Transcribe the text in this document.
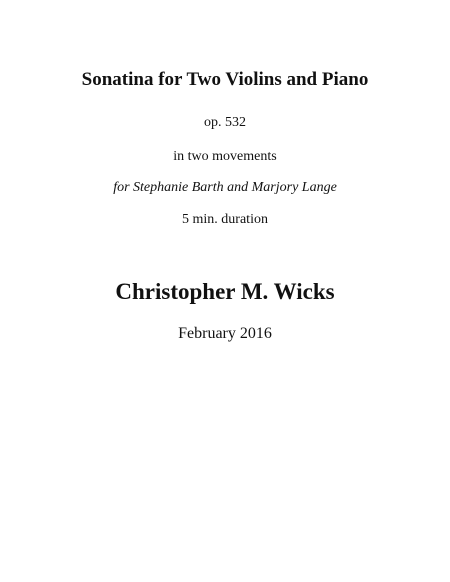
Sonatina for Two Violins and Piano
op. 532
in two movements
for Stephanie Barth and Marjory Lange
5 min. duration
Christopher M. Wicks
February 2016
